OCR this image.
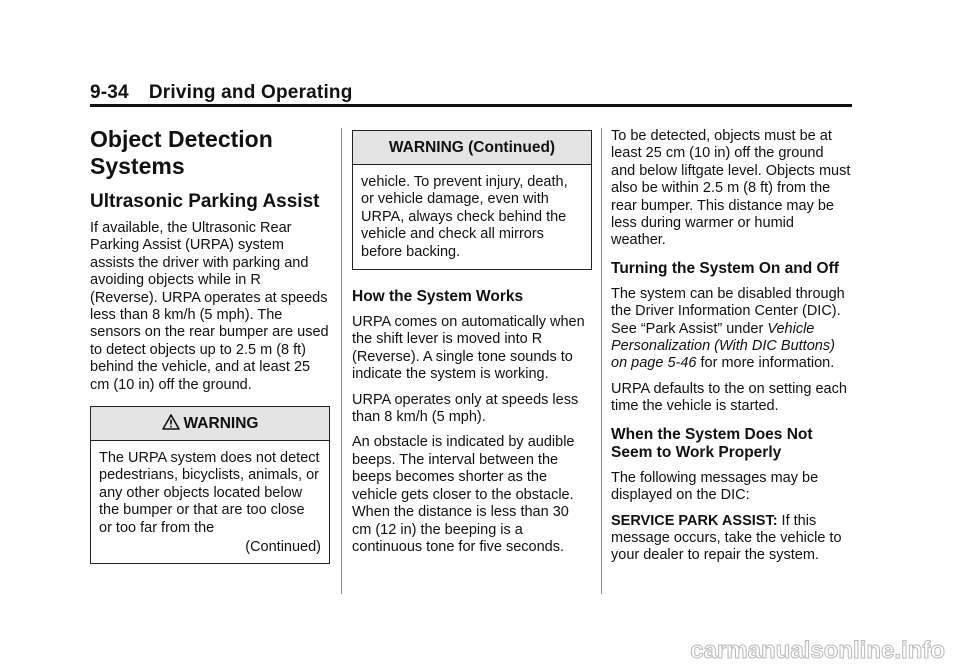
9-34 Driving and Operating
Object Detection Systems
Ultrasonic Parking Assist

If available, the Ultrasonic Rear Parking Assist (URPA) system assists the driver with parking and avoiding objects while in R (Reverse). URPA operates at speeds less than 8 km/h (5 mph). The sensors on the rear bumper are used to detect objects up to 2.5 m (8 ft) behind the vehicle, and at least 25 cm (10 in) off the ground.

WARNING

The URPA system does not detect pedestrians, bicyclists, animals, or any other objects located below the bumper or that are too close or too far from the

(Continued)
WARNING (Continued)

vehicle. To prevent injury, death, or vehicle damage, even with URPA, always check behind the vehicle and check all mirrors before backing.

How the System Works

URPA comes on automatically when the shift lever is moved into R (Reverse). A single tone sounds to indicate the system is working.

URPA operates only at speeds less than 8 km/h (5 mph).

An obstacle is indicated by audible beeps. The interval between the beeps becomes shorter as the vehicle gets closer to the obstacle. When the distance is less than 30 cm (12 in) the beeping is a continuous tone for five seconds.

To be detected, objects must be at least 25 cm (10 in) off the ground and below liftgate level. Objects must also be within 2.5 m (8 ft) from the rear bumper. This distance may be less during warmer or humid weather.

Turning the System On and Off

The system can be disabled through the Driver Information Center (DIC). See “Park Assist” under Vehicle Personalization (With DIC Buttons) on page 5-46 for more information.

URPA defaults to the on setting each time the vehicle is started.

When the System Does Not Seem to Work Properly

The following messages may be displayed on the DIC:

SERVICE PARK ASSIST: If this message occurs, take the vehicle to your dealer to repair the system.

carmanualsonline.info
